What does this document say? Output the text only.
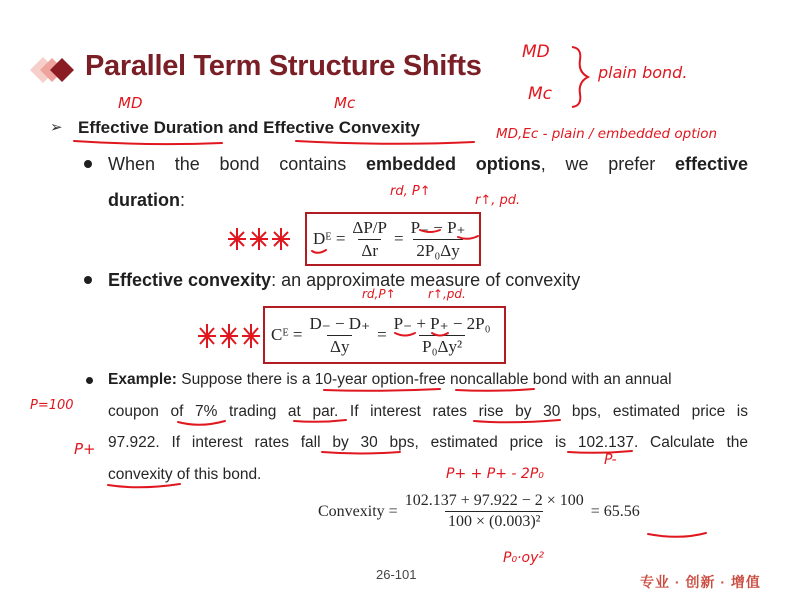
Parallel Term Structure Shifts
➢ Effective Duration and Effective Convexity
When the bond contains embedded options, we prefer effective
duration:
Dᴱ = $\frac{\Delta P/P}{\Delta r} = \frac{P_- - P_+}{\text{2P₀Δy}}$
Effective convexity: an approximate measure of convexity
Cᴱ = $\frac{D_- - D_+}{\Delta y} = \frac{\text{P₋ + P₊ − 2P₀}}{\text{P₀Δy²}}$
Example: Suppose there is a 10-year option-free noncallable bond with an annual
coupon of 7% trading at par. If interest rates rise by 30 bps, estimated price is
97.922. If interest rates fall by 30 bps, estimated price is 102.137. Calculate the
convexity of this bond.
Convexity = $\frac{102.137 + 97.922 - 2 \times 100}{\text{100 × (0.003)²}} = 65.56$
26-101	专业 · 创新 · 增值
MD
Mc
plain bond.
MD	Mc
MD,Ec - plain / embedded option
rd, P↑
r↑, pd.
rd,P↑	r↑,pd.
P=100
P+
P-
P+ + P+ - 2P₀
P₀·oy²
